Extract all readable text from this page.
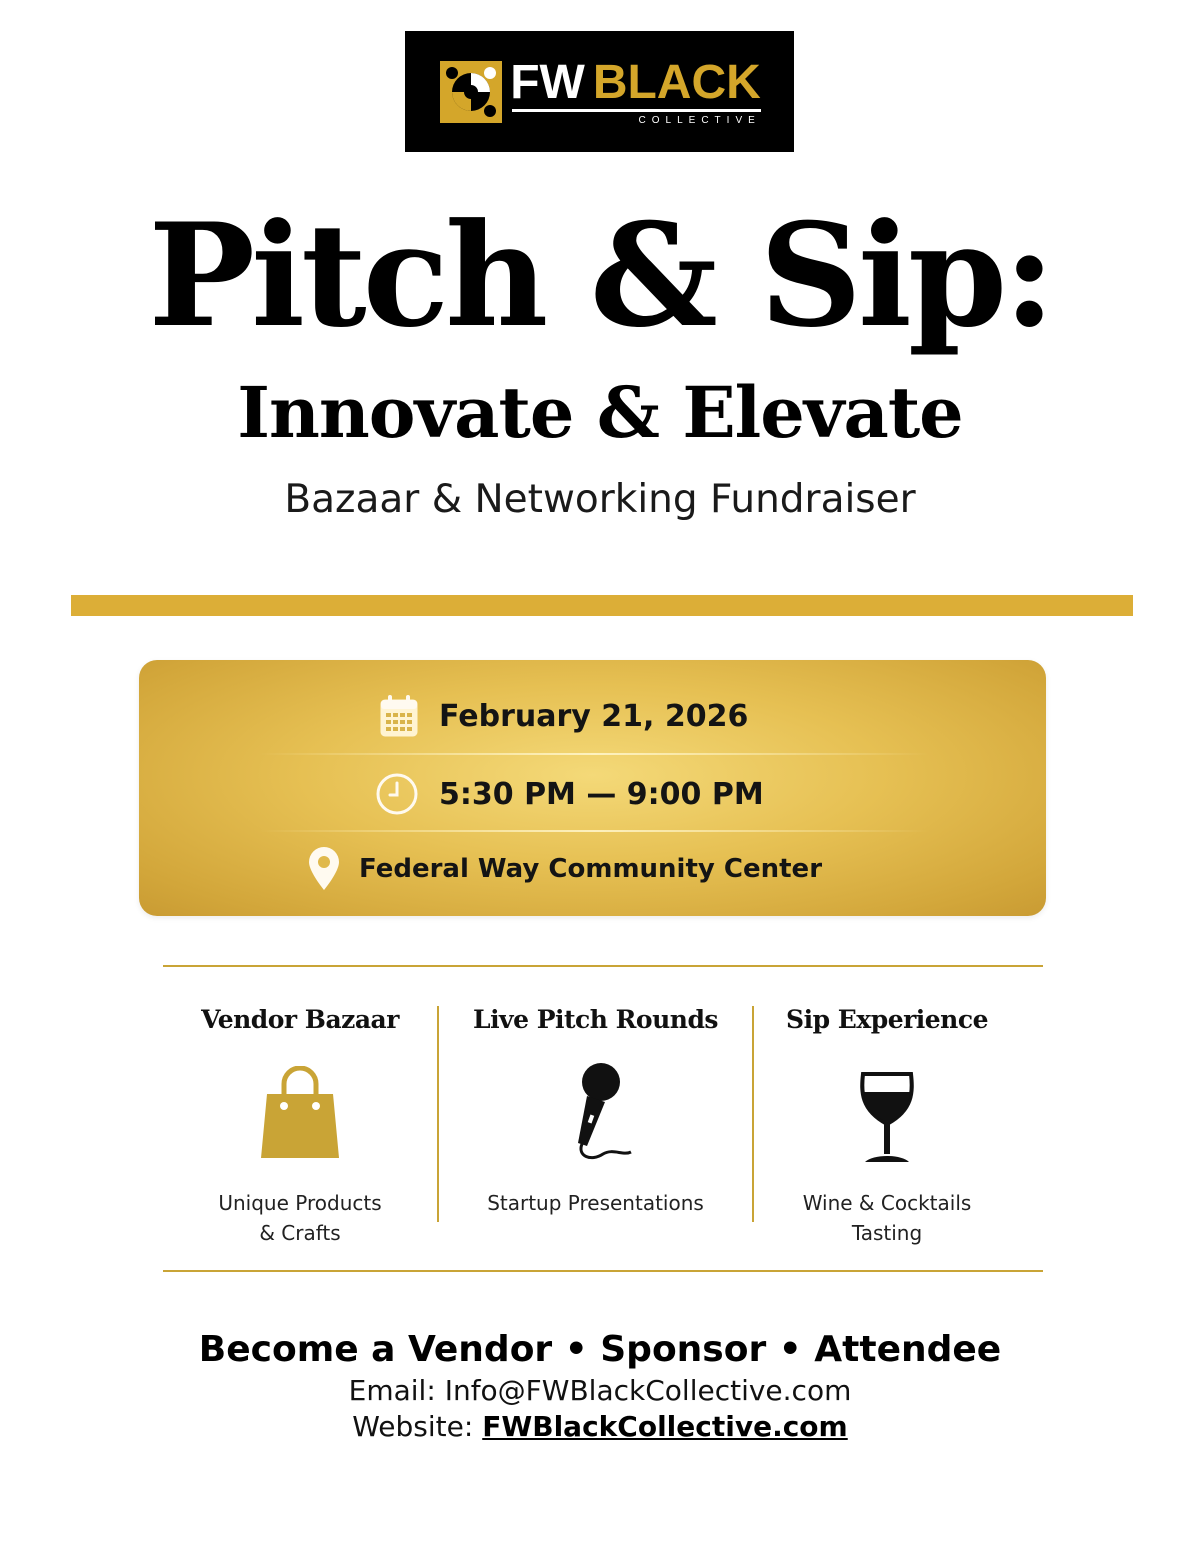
FW BLACK
COLLECTIVE
Pitch & Sip:
Innovate & Elevate
Bazaar & Networking Fundraiser
February 21, 2026
5:30 PM — 9:00 PM
Federal Way Community Center
Vendor Bazaar
Unique Products
& Crafts
Live Pitch Rounds
Startup Presentations
Sip Experience
Wine & Cocktails
Tasting
Become a Vendor • Sponsor • Attendee
Email: Info@FWBlackCollective.com
Website: FWBlackCollective.com
